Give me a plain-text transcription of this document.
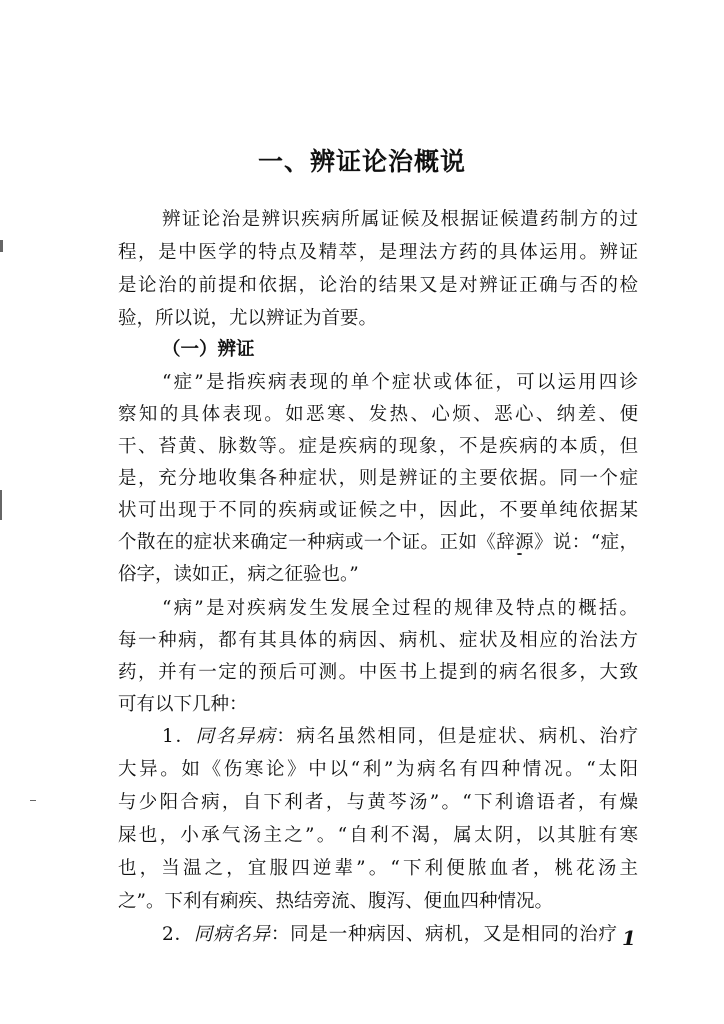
一、辨证论治概说
辨证论治是辨识疾病所属证候及根据证候遣药制方的过
程，是中医学的特点及精萃，是理法方药的具体运用。辨证
是论治的前提和依据，论治的结果又是对辨证正确与否的检
验，所以说，尤以辨证为首要。
（一）辨证
“症”是指疾病表现的单个症状或体征，可以运用四诊
察知的具体表现。如恶寒、发热、心烦、恶心、纳差、便
干、苔黄、脉数等。症是疾病的现象，不是疾病的本质，但
是，充分地收集各种症状，则是辨证的主要依据。同一个症
状可出现于不同的疾病或证候之中，因此，不要单纯依据某
个散在的症状来确定一种病或一个证。正如《辞源》说：“症，
俗字，读如正，病之征验也。”
“病”是对疾病发生发展全过程的规律及特点的概括。
每一种病，都有其具体的病因、病机、症状及相应的治法方
药，并有一定的预后可测。中医书上提到的病名很多，大致
可有以下几种：
1．同名异病：病名虽然相同，但是症状、病机、治疗
大异。如《伤寒论》中以“利”为病名有四种情况。“太阳
与少阳合病，自下利者，与黄芩汤”。“下利谵语者，有燥
屎也，小承气汤主之”。“自利不渴，属太阴，以其脏有寒
也，当温之，宜服四逆辈”。“下利便脓血者，桃花汤主
之”。下利有痢疾、热结旁流、腹泻、便血四种情况。
2．同病名异：同是一种病因、病机，又是相同的治疗 1
